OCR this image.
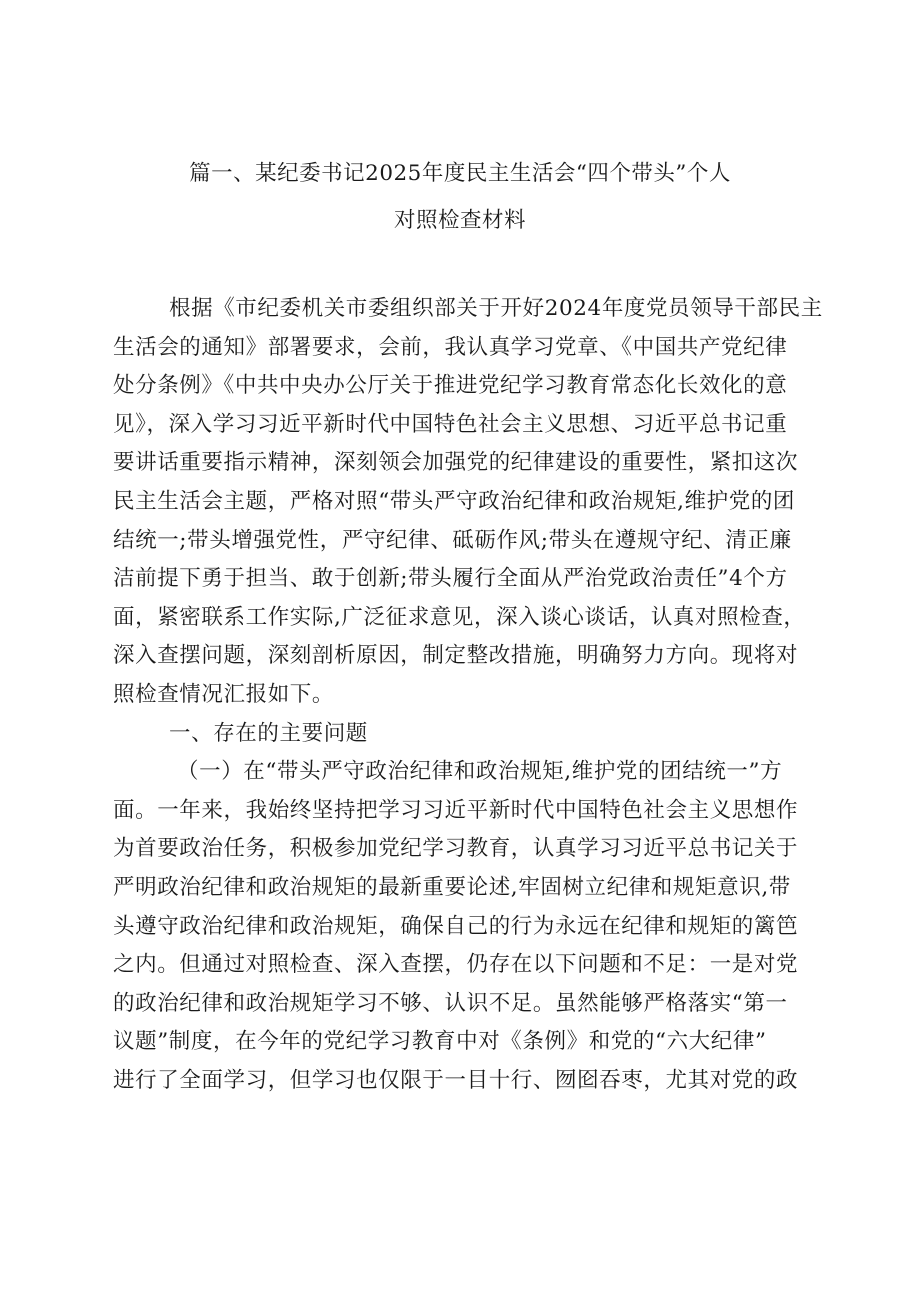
篇一、某纪委书记2025年度民主生活会“四个带头”个人
对照检查材料
根据《市纪委机关市委组织部关于开好2024年度党员领导干部民主
生活会的通知》部署要求，会前，我认真学习党章、《中国共产党纪律
处分条例》《中共中央办公厅关于推进党纪学习教育常态化长效化的意
见》，深入学习习近平新时代中国特色社会主义思想、习近平总书记重
要讲话重要指示精神，深刻领会加强党的纪律建设的重要性，紧扣这次
民主生活会主题，严格对照“带头严守政治纪律和政治规矩,维护党的团
结统一;带头增强党性，严守纪律、砥砺作风;带头在遵规守纪、清正廉
洁前提下勇于担当、敢于创新;带头履行全面从严治党政治责任”4个方
面，紧密联系工作实际,广泛征求意见，深入谈心谈话，认真对照检查，
深入查摆问题，深刻剖析原因，制定整改措施，明确努力方向。现将对
照检查情况汇报如下。
一、存在的主要问题
（一）在“带头严守政治纪律和政治规矩,维护党的团结统一”方
面。一年来，我始终坚持把学习习近平新时代中国特色社会主义思想作
为首要政治任务，积极参加党纪学习教育，认真学习习近平总书记关于
严明政治纪律和政治规矩的最新重要论述,牢固树立纪律和规矩意识,带
头遵守政治纪律和政治规矩，确保自己的行为永远在纪律和规矩的篱笆
之内。但通过对照检查、深入查摆，仍存在以下问题和不足：一是对党
的政治纪律和政治规矩学习不够、认识不足。虽然能够严格落实“第一
议题”制度，在今年的党纪学习教育中对《条例》和党的“六大纪律”
进行了全面学习，但学习也仅限于一目十行、囫囵吞枣，尤其对党的政
